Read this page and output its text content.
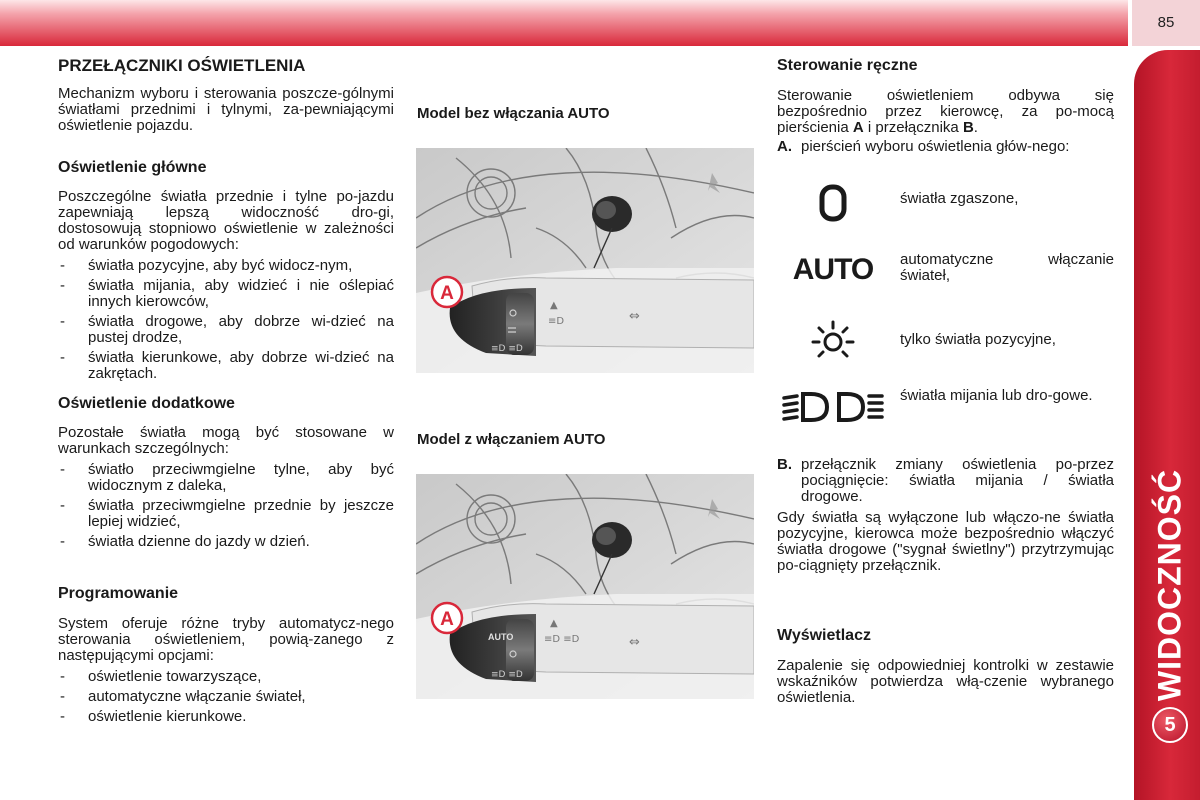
85
WIDOCZNOŚĆ
5
PRZEŁĄCZNIKI OŚWIETLENIA

Mechanizm wyboru i sterowania poszcze-gólnymi światłami przednimi i tylnymi, za-pewniającymi oświetlenie pojazdu.

Oświetlenie główne

Poszczególne światła przednie i tylne po-jazdu zapewniają lepszą widoczność dro-gi, dostosowują stopniowo oświetlenie w zależności od warunków pogodowych:

- światła pozycyjne, aby być widocz-nym,
- światła mijania, aby widzieć i nie oślepiać innych kierowców,
- światła drogowe, aby dobrze wi-dzieć na pustej drodze,
- światła kierunkowe, aby dobrze wi-dzieć na zakrętach.
Oświetlenie dodatkowe

Pozostałe światła mogą być stosowane w warunkach szczególnych:

- światło przeciwmgielne tylne, aby być widocznym z daleka,
- światła przeciwmgielne przednie by jeszcze lepiej widzieć,
- światła dzienne do jazdy w dzień.
Programowanie

System oferuje różne tryby automatycz-nego sterowania oświetleniem, powią-zanego z następującymi opcjami:

- oświetlenie towarzyszące,
- automatyczne włączanie świateł,
- oświetlenie kierunkowe.
Model bez włączania AUTO
≡D ≡D
▲
≡D	⇔
A
Model z włączaniem AUTO
AUTO
≡D ≡D
▲
≡D ≡D	⇔
A
Sterowanie ręczne

Sterowanie oświetleniem odbywa się bezpośrednio przez kierowcę, za po-mocą pierścienia A i przełącznika B.

A. pierścień wyboru oświetlenia głów-nego:
światła zgaszone,
AUTO	automatyczne włączanie świateł,
tylko światła pozycyjne,
światła mijania lub dro-gowe.
B. przełącznik zmiany oświetlenia po-przez pociągnięcie: światła mijania / światła drogowe.

Gdy światła są wyłączone lub włączo-ne światła pozycyjne, kierowca może bezpośrednio włączyć światła drogowe ("sygnał świetlny") przytrzymując po-ciągnięty przełącznik.

Wyświetlacz

Zapalenie się odpowiedniej kontrolki w zestawie wskaźników potwierdza włą-czenie wybranego oświetlenia.
